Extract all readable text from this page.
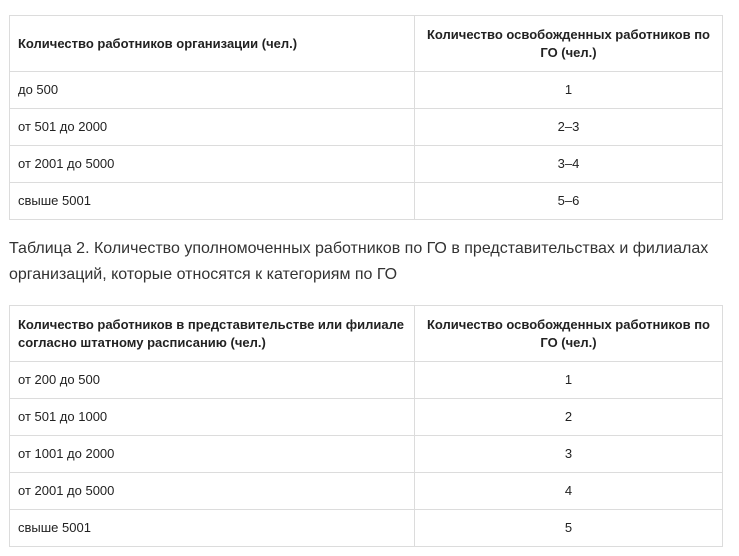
Количество работников организации (чел.)	Количество освобожденных работников по ГО (чел.)
до 500	1
от 501 до 2000	2–3
от 2001 до 5000	3–4
свыше 5001	5–6

Таблица 2. Количество уполномоченных работников по ГО в представительствах и филиалах организаций, которые относятся к категориям по ГО

Количество работников в представительстве или филиале согласно штатному расписанию (чел.)	Количество освобожденных работников по ГО (чел.)
от 200 до 500	1
от 501 до 1000	2
от 1001 до 2000	3
от 2001 до 5000	4
свыше 5001	5
